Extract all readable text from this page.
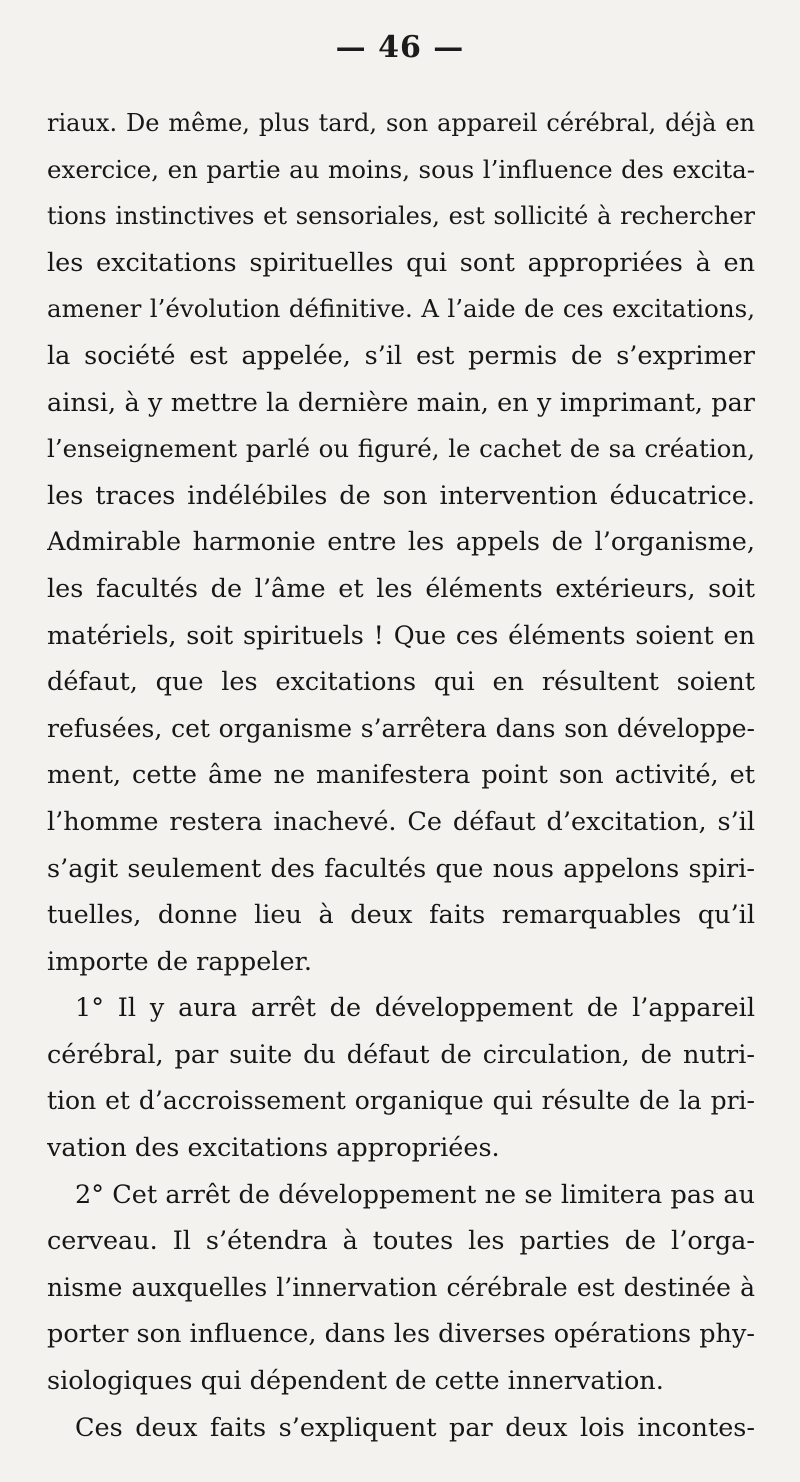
— 46 —
riaux. De même, plus tard, son appareil cérébral, déjà en
exercice, en partie au moins, sous l’influence des excita-
tions instinctives et sensoriales, est sollicité à rechercher
les excitations spirituelles qui sont appropriées à en
amener l’évolution définitive. A l’aide de ces excitations,
la société est appelée, s’il est permis de s’exprimer
ainsi, à y mettre la dernière main, en y imprimant, par
l’enseignement parlé ou figuré, le cachet de sa création,
les traces indélébiles de son intervention éducatrice.
Admirable harmonie entre les appels de l’organisme,
les facultés de l’âme et les éléments extérieurs, soit
matériels, soit spirituels ! Que ces éléments soient en
défaut, que les excitations qui en résultent soient
refusées, cet organisme s’arrêtera dans son développe-
ment, cette âme ne manifestera point son activité, et
l’homme restera inachevé. Ce défaut d’excitation, s’il
s’agit seulement des facultés que nous appelons spiri-
tuelles, donne lieu à deux faits remarquables qu’il
importe de rappeler.
1° Il y aura arrêt de développement de l’appareil
cérébral, par suite du défaut de circulation, de nutri-
tion et d’accroissement organique qui résulte de la pri-
vation des excitations appropriées.
2° Cet arrêt de développement ne se limitera pas au
cerveau. Il s’étendra à toutes les parties de l’orga-
nisme auxquelles l’innervation cérébrale est destinée à
porter son influence, dans les diverses opérations phy-
siologiques qui dépendent de cette innervation.
Ces deux faits s’expliquent par deux lois incontes-
